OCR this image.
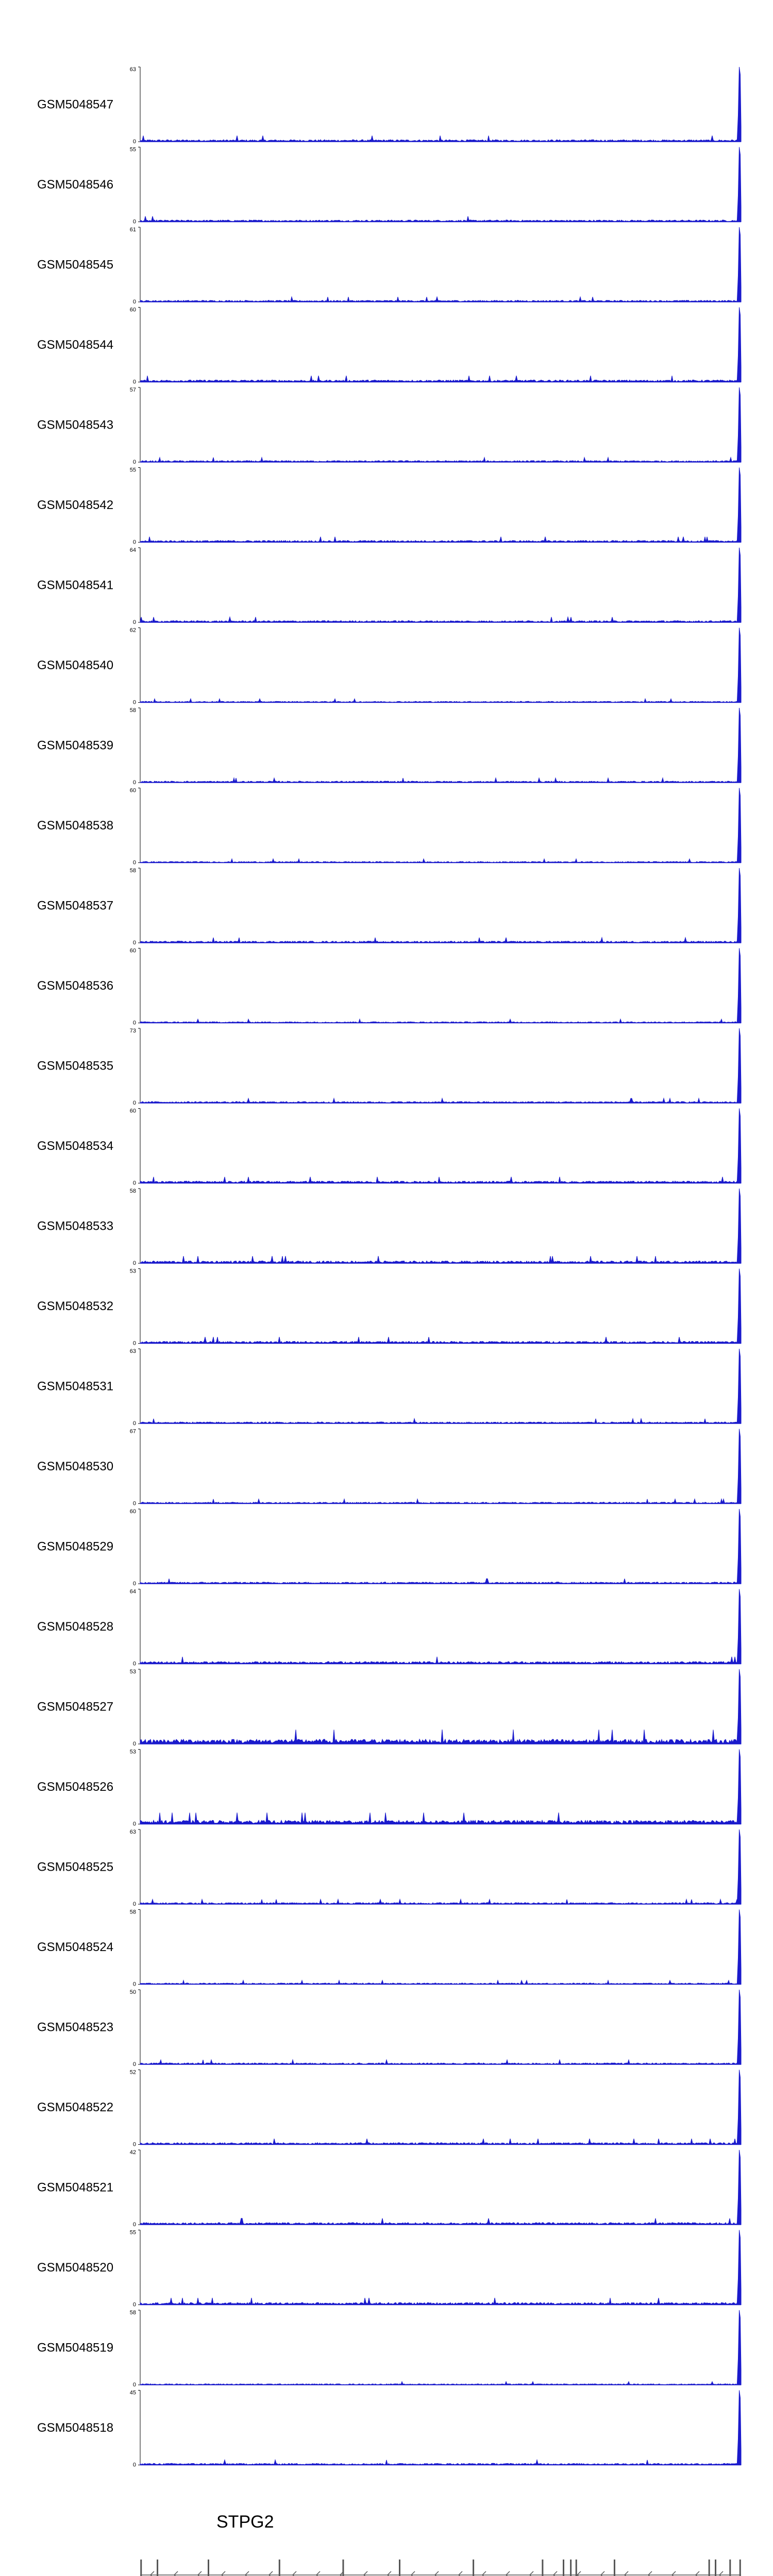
GSM5048547
63
0
GSM5048546
55
0
GSM5048545
61
0
GSM5048544
60
0
GSM5048543
57
0
GSM5048542
55
0
GSM5048541
64
0
GSM5048540
62
0
GSM5048539
58
0
GSM5048538
60
0
GSM5048537
58
0
GSM5048536
60
0
GSM5048535
73
0
GSM5048534
60
0
GSM5048533
58
0
GSM5048532
53
0
GSM5048531
63
0
GSM5048530
67
0
GSM5048529
60
0
GSM5048528
64
0
GSM5048527
53
0
GSM5048526
53
0
GSM5048525
63
0
GSM5048524
58
0
GSM5048523
50
0
GSM5048522
52
0
GSM5048521
42
0
GSM5048520
55
0
GSM5048519
58
0
GSM5048518
45
0
STPG2
